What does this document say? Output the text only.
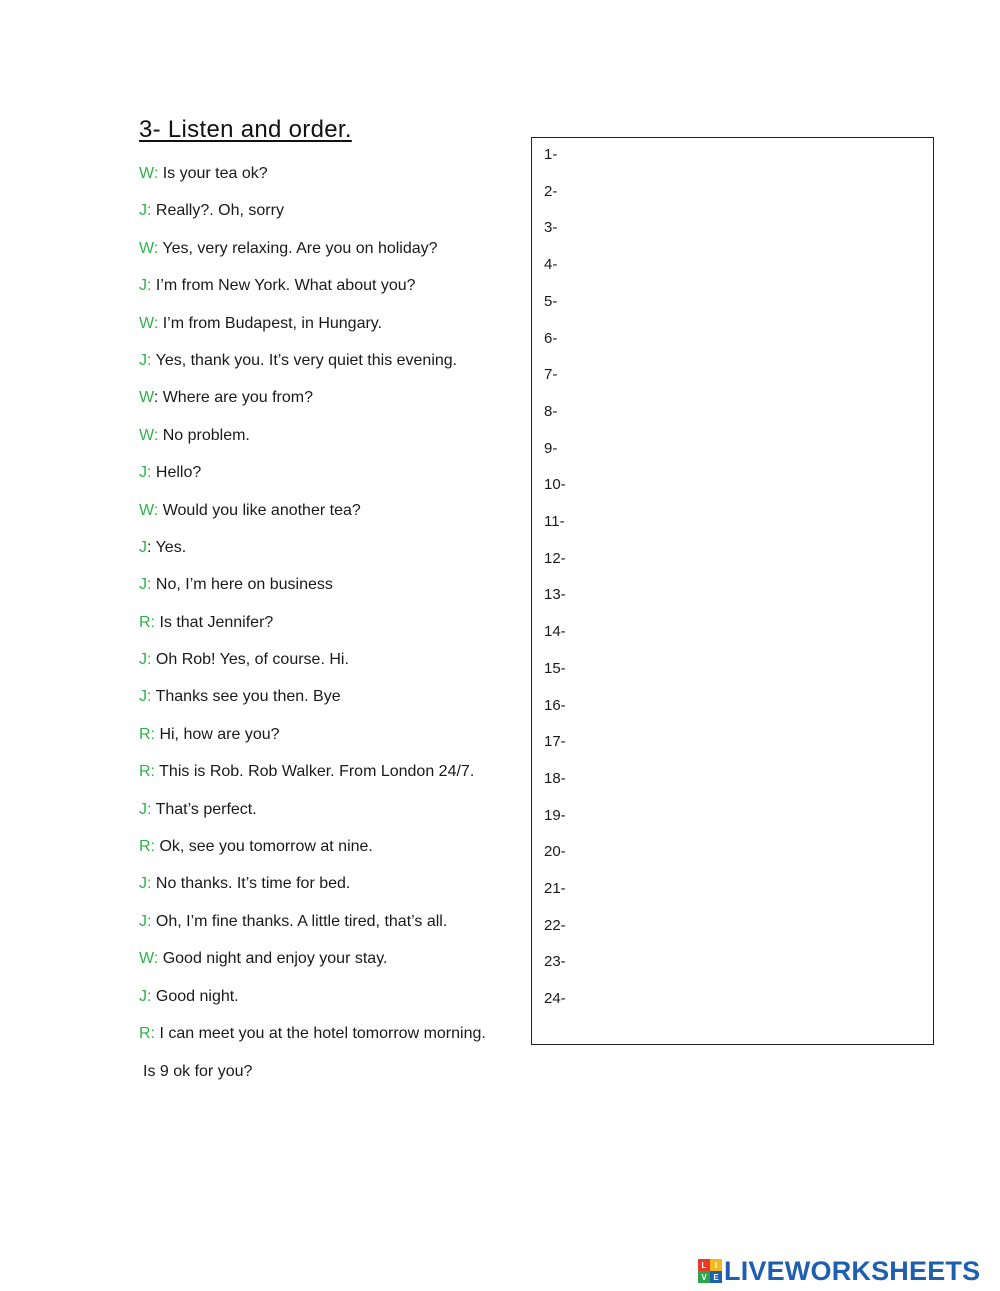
3- Listen and order.
W: Is your tea ok?
J: Really?. Oh, sorry
W: Yes, very relaxing. Are you on holiday?
J: I’m from New York. What about you?
W: I’m from Budapest, in Hungary.
J: Yes, thank you. It’s very quiet this evening.
W: Where are you from?
W: No problem.
J: Hello?
W: Would you like another tea?
J: Yes.
J: No, I’m here on business
R: Is that Jennifer?
J: Oh Rob! Yes, of course. Hi.
J: Thanks see you then. Bye
R: Hi, how are you?
R: This is Rob. Rob Walker. From London 24/7.
J: That’s perfect.
R: Ok, see you tomorrow at nine.
J: No thanks. It’s time for bed.
J: Oh, I’m fine thanks. A little tired, that’s all.
W: Good night and enjoy your stay.
J: Good night.
R: I can meet you at the hotel tomorrow morning.
Is 9 ok for you?
1-
2-
3-
4-
5-
6-
7-
8-
9-
10-
11-
12-
13-
14-
15-
16-
17-
18-
19-
20-
21-
22-
23-
24-
L	I
V E LIVEWORKSHEETS
